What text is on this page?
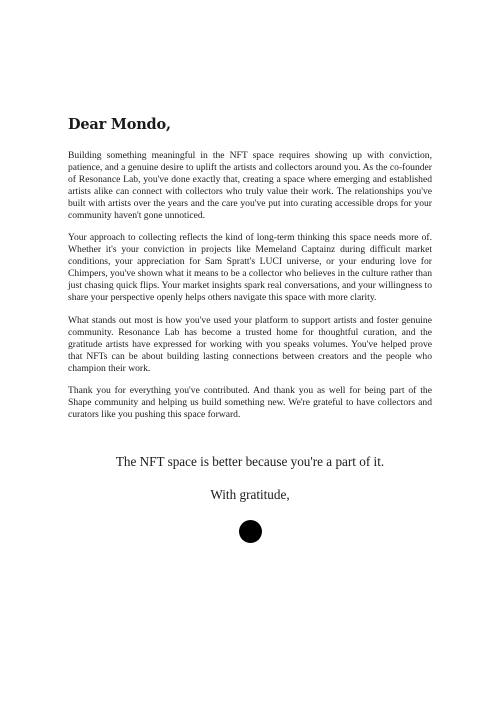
Dear Mondo,

Building something meaningful in the NFT space requires showing up with conviction, patience, and a genuine desire to uplift the artists and collectors around you. As the co-founder of Resonance Lab, you've done exactly that, creating a space where emerging and established artists alike can connect with collectors who truly value their work. The relationships you've built with artists over the years and the care you've put into curating accessible drops for your community haven't gone unnoticed.

Your approach to collecting reflects the kind of long-term thinking this space needs more of. Whether it's your conviction in projects like Memeland Captainz during difficult market conditions, your appreciation for Sam Spratt's LUCI universe, or your enduring love for Chimpers, you've shown what it means to be a collector who believes in the culture rather than just chasing quick flips. Your market insights spark real conversations, and your willingness to share your perspective openly helps others navigate this space with more clarity.

What stands out most is how you've used your platform to support artists and foster genuine community. Resonance Lab has become a trusted home for thoughtful curation, and the gratitude artists have expressed for working with you speaks volumes. You've helped prove that NFTs can be about building lasting connections between creators and the people who champion their work.

Thank you for everything you've contributed. And thank you as well for being part of the Shape community and helping us build something new. We're grateful to have collectors and curators like you pushing this space forward.

The NFT space is better because you're a part of it.
With gratitude,
